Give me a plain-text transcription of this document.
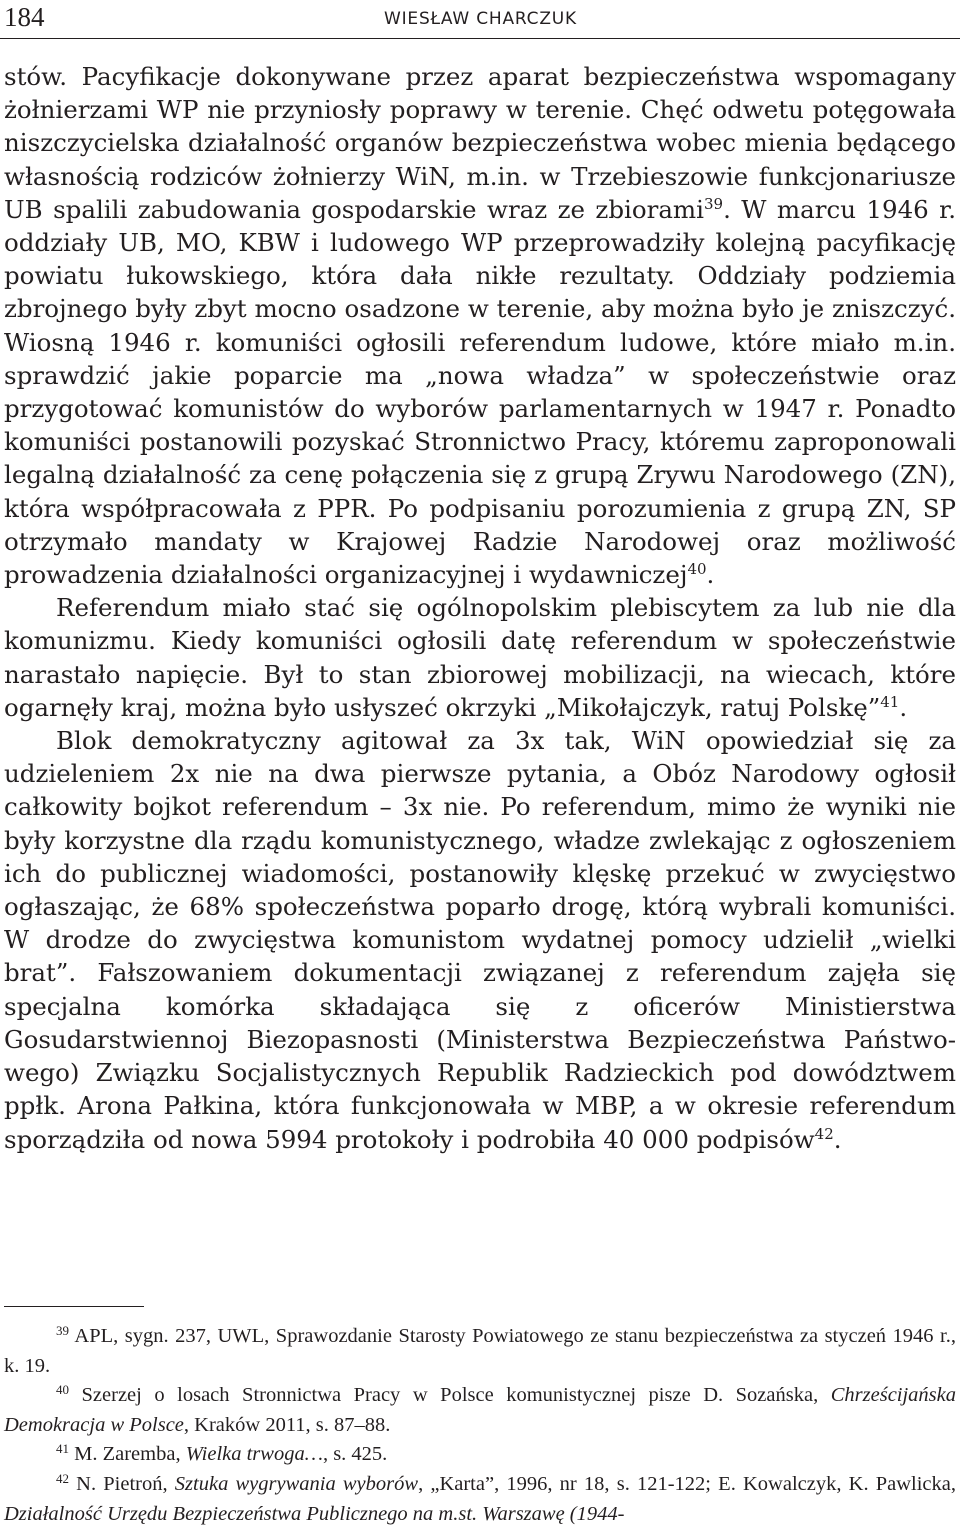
184	WIESŁAW CHARCZUK

stów. Pacyfikacje dokonywane przez aparat bezpieczeństwa wspomagany żołnierzami WP nie przyniosły poprawy w terenie. Chęć odwetu potęgowała niszczycielska działalność organów bezpieczeństwa wobec mienia będącego własnością rodziców żołnierzy WiN, m.in. w Trzebieszowie funkcjonariusze UB spalili zabudowania gospodarskie wraz ze zbiorami$^{39}$. W marcu 1946 r. oddziały UB, MO, KBW i ludowego WP przeprowadziły kolejną pacyfikację powiatu łukowskiego, która dała nikłe rezultaty. Oddziały podziemia zbrojnego były zbyt mocno osadzone w terenie, aby można było je zniszczyć. Wiosną 1946 r. komuniści ogłosili referendum ludowe, które miało m.in. sprawdzić jakie poparcie ma „nowa władza” w społeczeństwie oraz przygotować komunistów do wyborów parlamentarnych w 1947 r. Ponadto komuniści postanowili pozyskać Stronnictwo Pracy, któremu zaproponowali legalną działalność za cenę połączenia się z grupą Zrywu Narodowego (ZN), która współpracowała z PPR. Po podpisaniu porozumienia z grupą ZN, SP otrzymało mandaty w Krajowej Radzie Narodowej oraz możliwość prowadzenia działalności organizacyjnej i wydawniczej$^{40}$.

Referendum miało stać się ogólnopolskim plebiscytem za lub nie dla komunizmu. Kiedy komuniści ogłosili datę referendum w społeczeństwie narastało napięcie. Był to stan zbiorowej mobilizacji, na wiecach, które ogarnęły kraj, można było usłyszeć okrzyki „Mikołajczyk, ratuj Polskę”$^{41}$.

Blok demokratyczny agitował za 3x tak, WiN opowiedział się za udzieleniem 2x nie na dwa pierwsze pytania, a Obóz Narodowy ogłosił całkowity bojkot referendum – 3x nie. Po referendum, mimo że wyniki nie były korzystne dla rządu komunistycznego, władze zwlekając z ogłoszeniem ich do publicznej wiadomości, postanowiły klęskę przekuć w zwycięstwo ogłaszając, że 68% społeczeństwa poparło drogę, którą wybrali komuniści. W drodze do zwycięstwa komunistom wydatnej pomocy udzielił „wielki brat”. Fałszowaniem dokumentacji związanej z referendum zajęła się specjalna komórka składająca się z oficerów Ministierstwa Gosudarstwiennoj Biezopasnosti (Ministerstwa Bezpieczeństwa Państwowego) Związku Socjalistycznych Republik Radzieckich pod dowództwem ppłk. Arona Pałkina, która funkcjonowała w MBP, a w okresie referendum sporządziła od nowa 5994 protokoły i podrobiła 40 000 podpisów$^{42}$.

$^{39}$ APL, sygn. 237, UWL, Sprawozdanie Starosty Powiatowego ze stanu bezpieczeństwa za styczeń 1946 r., k. 19.

$^{40}$ Szerzej o losach Stronnictwa Pracy w Polsce komunistycznej pisze D. Sozańska, Chrześcijańska Demokracja w Polsce, Kraków 2011, s. 87–88.

$^{41}$ M. Zaremba, Wielka trwoga…, s. 425.

$^{42}$ N. Pietroń, Sztuka wygrywania wyborów, „Karta”, 1996, nr 18, s. 121-122; E. Kowalczyk, K. Pawlicka, Działalność Urzędu Bezpieczeństwa Publicznego na m.st. Warszawę (1944-
